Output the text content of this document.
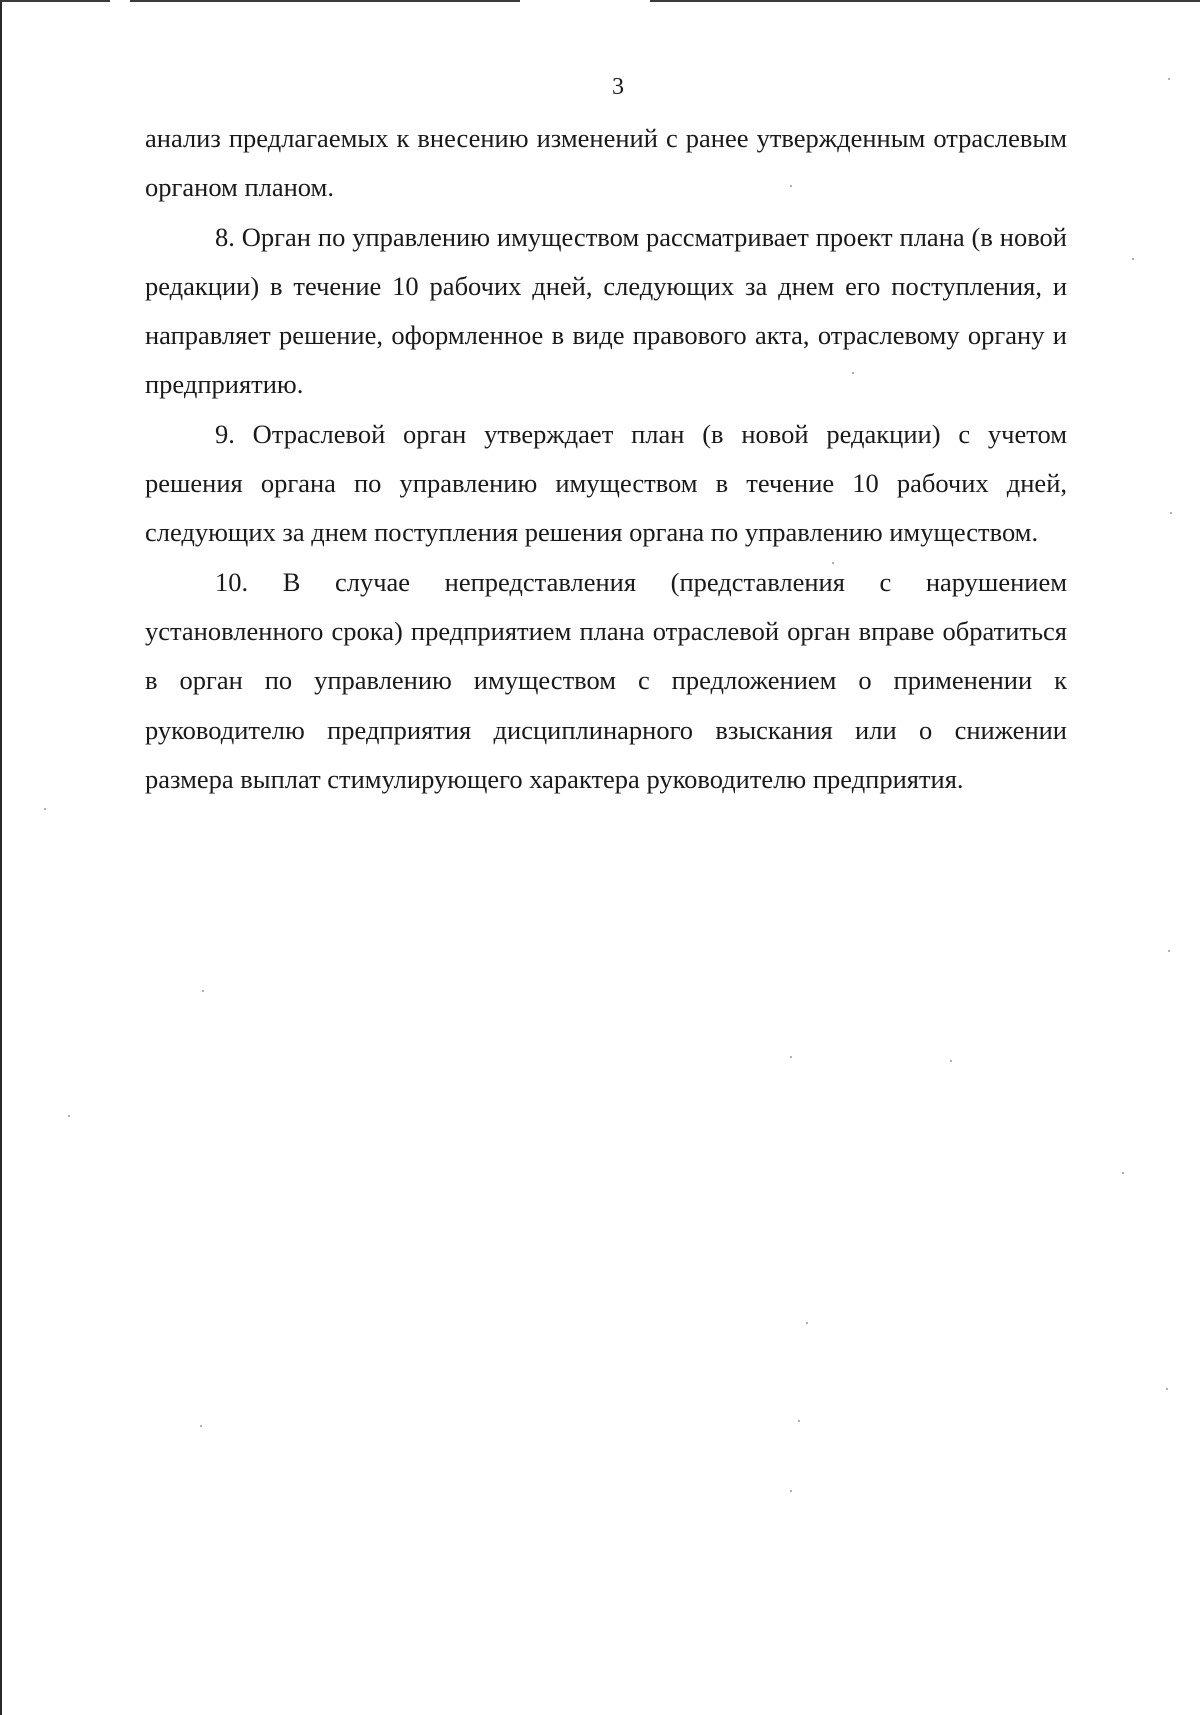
3

анализ предлагаемых к внесению изменений с ранее утвержденным отраслевым органом планом.

8. Орган по управлению имуществом рассматривает проект плана (в новой редакции) в течение 10 рабочих дней, следующих за днем его поступления, и направляет решение, оформленное в виде правового акта, отраслевому органу и предприятию.

9. Отраслевой орган утверждает план (в новой редакции) с учетом решения органа по управлению имуществом в течение 10 рабочих дней, следующих за днем поступления решения органа по управлению имуществом.

10. В случае непредставления (представления с нарушением установленного срока) предприятием плана отраслевой орган вправе обратиться в орган по управлению имуществом с предложением о применении к руководителю предприятия дисциплинарного взыскания или о снижении размера выплат стимулирующего характера руководителю предприятия.
